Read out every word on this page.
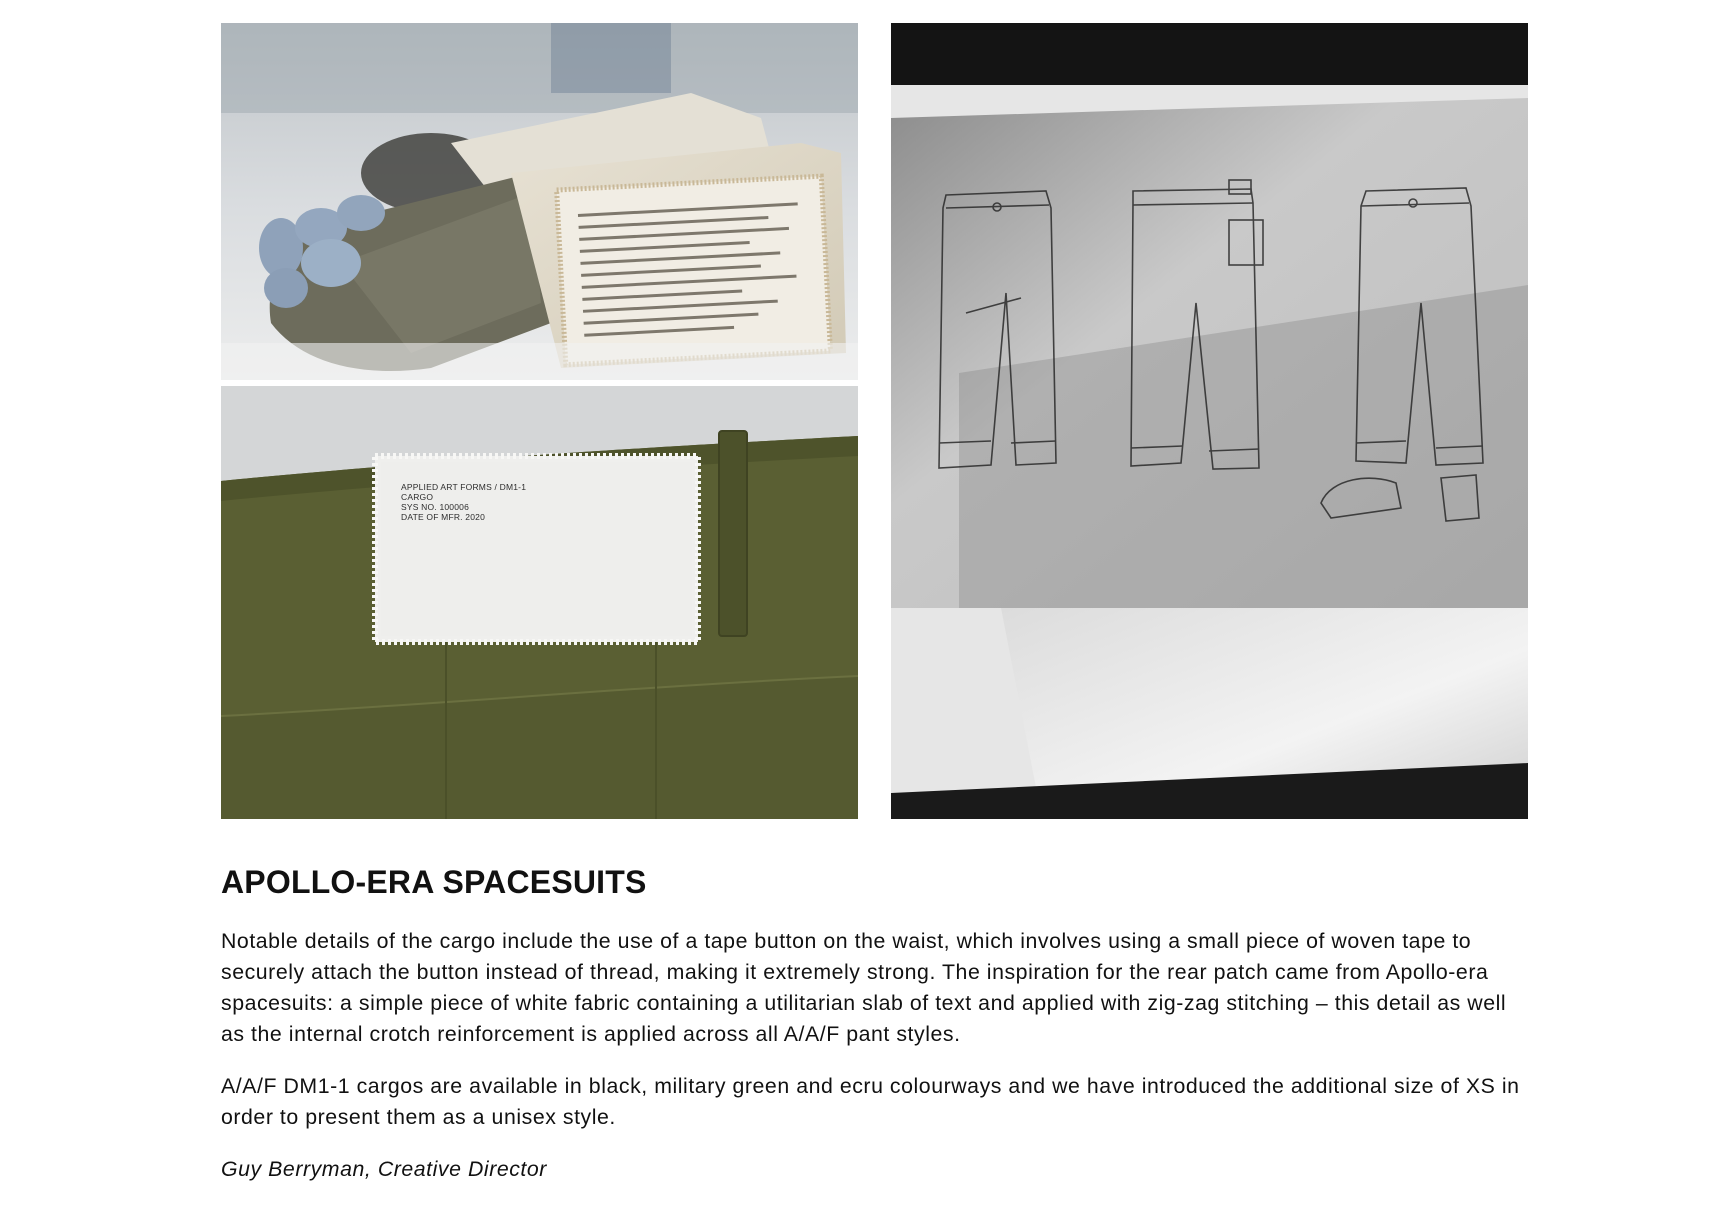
APPLIED ART FORMS / DM1-1
CARGO
SYS NO. 100006
DATE OF MFR. 2020
APOLLO-ERA SPACESUITS

Notable details of the cargo include the use of a tape button on the waist, which involves using a small piece of woven tape to securely attach the button instead of thread, making it extremely strong. The inspiration for the rear patch came from Apollo-era spacesuits: a simple piece of white fabric containing a utilitarian slab of text and applied with zig-zag stitching – this detail as well as the internal crotch reinforcement is applied across all A/A/F pant styles.

A/A/F DM1-1 cargos are available in black, military green and ecru colourways and we have introduced the additional size of XS in order to present them as a unisex style.

Guy Berryman, Creative Director
